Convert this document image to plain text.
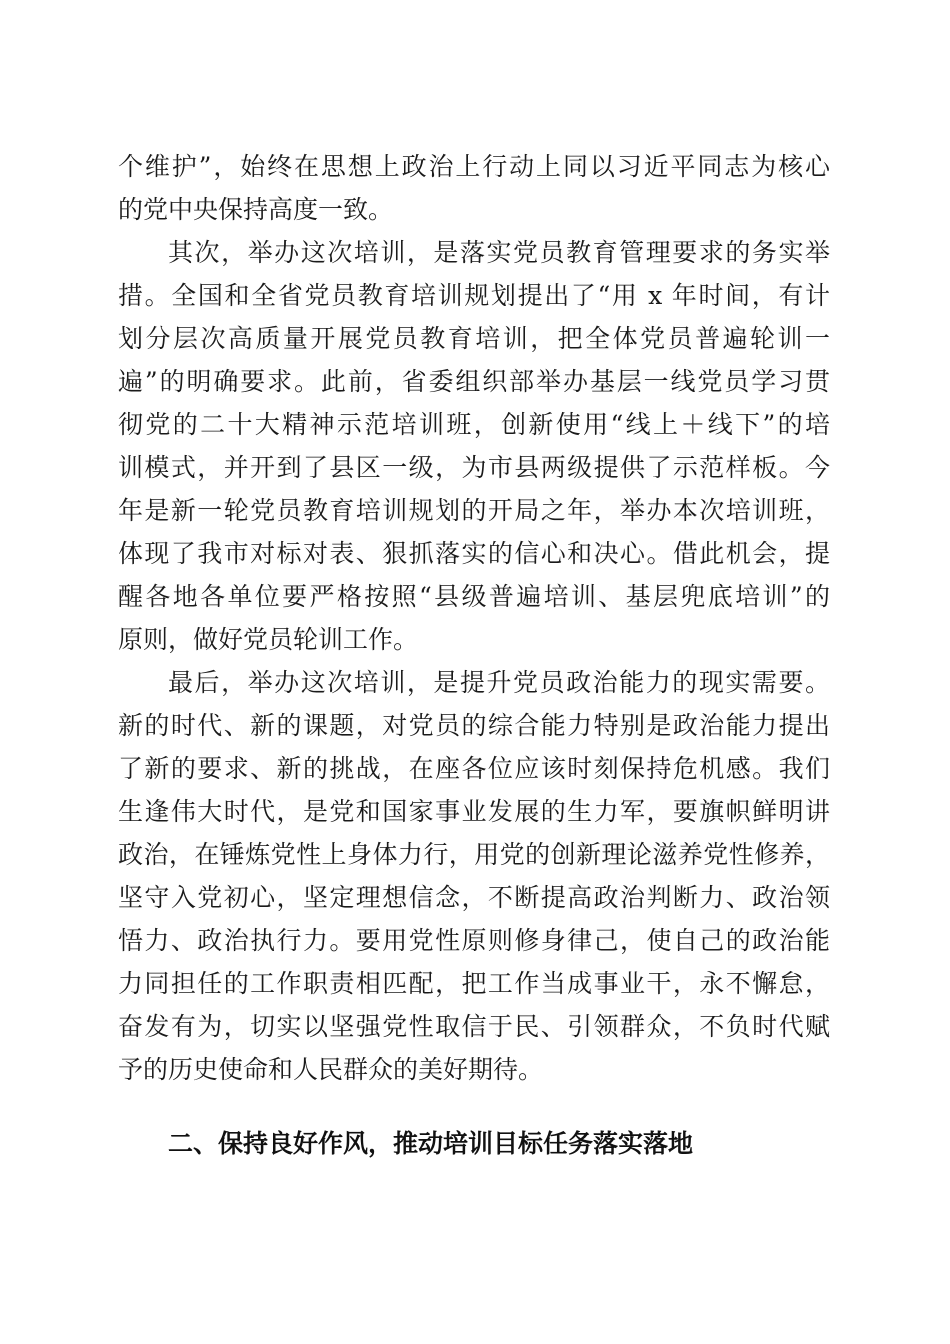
个维护”，始终在思想上政治上行动上同以习近平同志为核心
的党中央保持高度一致。
其次，举办这次培训，是落实党员教育管理要求的务实举
措。全国和全省党员教育培训规划提出了“用 x 年时间，有计
划分层次高质量开展党员教育培训，把全体党员普遍轮训一
遍”的明确要求。此前，省委组织部举办基层一线党员学习贯
彻党的二十大精神示范培训班，创新使用“线上＋线下”的培
训模式，并开到了县区一级，为市县两级提供了示范样板。今
年是新一轮党员教育培训规划的开局之年，举办本次培训班，
体现了我市对标对表、狠抓落实的信心和决心。借此机会，提
醒各地各单位要严格按照“县级普遍培训、基层兜底培训”的
原则，做好党员轮训工作。
最后，举办这次培训，是提升党员政治能力的现实需要。
新的时代、新的课题，对党员的综合能力特别是政治能力提出
了新的要求、新的挑战，在座各位应该时刻保持危机感。我们
生逢伟大时代，是党和国家事业发展的生力军，要旗帜鲜明讲
政治，在锤炼党性上身体力行，用党的创新理论滋养党性修养，
坚守入党初心，坚定理想信念，不断提高政治判断力、政治领
悟力、政治执行力。要用党性原则修身律己，使自己的政治能
力同担任的工作职责相匹配，把工作当成事业干，永不懈怠，
奋发有为，切实以坚强党性取信于民、引领群众，不负时代赋
予的历史使命和人民群众的美好期待。
二、保持良好作风，推动培训目标任务落实落地
